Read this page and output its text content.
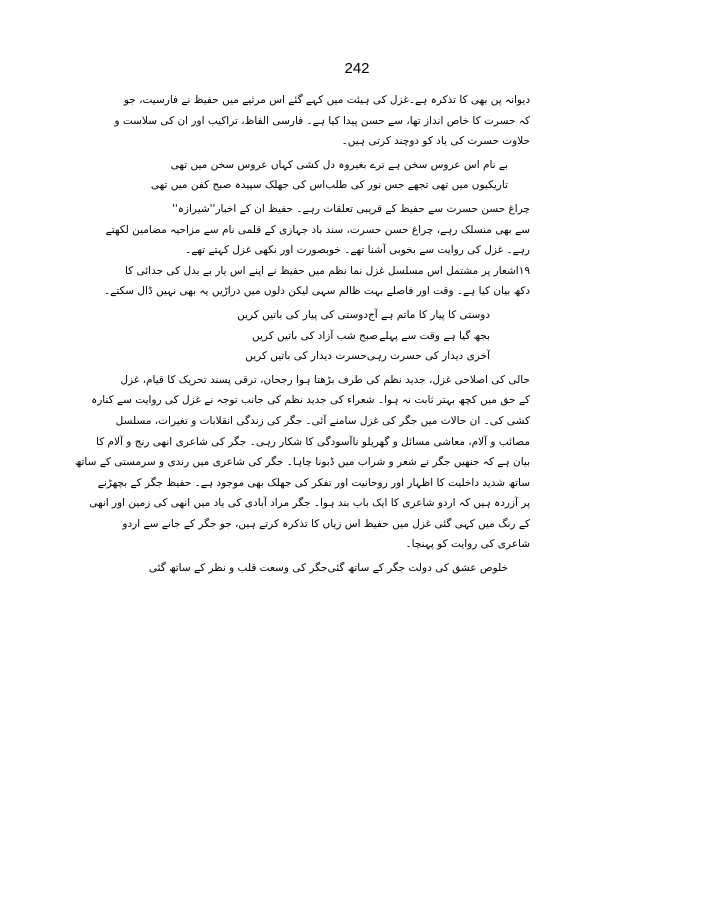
242
دیوانہ پن بھی کا تذکرہ ہے۔غزل کی ہیئت میں کہے گئے اس مرثیے میں حفیظ نے فارسیت، جو
کہ حسرت کا خاص انداز تھا، سے حسن پیدا کیا ہے۔ فارسی الفاظ، تراکیب اور ان کی سلاست و
حلاوت حسرت کی یاد کو دوچند کرتی ہیں۔
بے نام اس عروس سخن ہے ترے بغیر
وہ دل کشی کہاں عروس سخن میں تھی
تاریکیوں میں تھی تجھے جس نور کی طلب
اس کی جھلک سپیدہ صبح کفن میں تھی
چراغ حسن حسرت سے حفیظ کے قریبی تعلقات رہے۔ حفیظ ان کے اخبار''شیرازہ''
سے بھی منسلک رہے، چراغ حسن حسرت، سند باد جہازی کے قلمی نام سے مزاحیہ مضامین لکھتے
رہے۔ غزل کی روایت سے بخوبی آشنا تھے۔ خوبصورت اور نکھی غزل کہتے تھے۔
۱۹اشعار پر مشتمل اس مسلسل غزل نما نظم میں حفیظ نے اپنے اس یار بے بدل کی جدائی کا
دکھ بیان کیا ہے۔ وقت اور فاصلے بہت ظالم سہی لیکن دلوں میں دراڑیں یہ بھی نہیں ڈال سکتے۔
دوستی کا پیار کا ماتم ہے آج
دوستی کی پیار کی باتیں کریں
بجھ گیا ہے وقت سے پہلے
صبح شب آزاد کی باتیں کریں
آخری دیدار کی حسرت رہی
حسرت دیدار کی باتیں کریں
حالی کی اصلاحی غزل، جدید نظم کی طرف بڑھتا ہوا رجحان، ترقی پسند تحریک کا قیام، غزل
کے حق میں کچھ بہتر ثابت نہ ہوا۔ شعراء کی جدید نظم کی جانب توجہ نے غزل کی روایت سے کنارہ
کشی کی۔ ان حالات میں جگر کی غزل سامنے آئی۔ جگر کی زندگی انقلابات و تغیرات، مسلسل
مصائب و آلام، معاشی مسائل و گھریلو ناآسودگی کا شکار رہی۔ جگر کی شاعری انھی رنج و آلام کا
بیان ہے کہ جنھیں جگر نے شعر و شراب میں ڈبونا چاہا۔ جگر کی شاعری میں رندی و سرمستی کے ساتھ
ساتھ شدید داخلیت کا اظہار اور روحانیت اور تفکر کی جھلک بھی موجود ہے۔ حفیظ جگر کے بچھڑنے
پر آزردہ ہیں کہ اردو شاعری کا ایک باب بند ہوا۔ جگر مراد آبادی کی یاد میں انھی کی زمین اور انھی
کے رنگ میں کہی گئی غزل میں حفیظ اس زیاں کا تذکرہ کرتے ہیں، جو جگر کے جانے سے اردو
شاعری کی روایت کو پہنچا۔
خلوص عشق کی دولت جگر کے ساتھ گئی
جگر کی وسعت قلب و نظر کے ساتھ گئی
